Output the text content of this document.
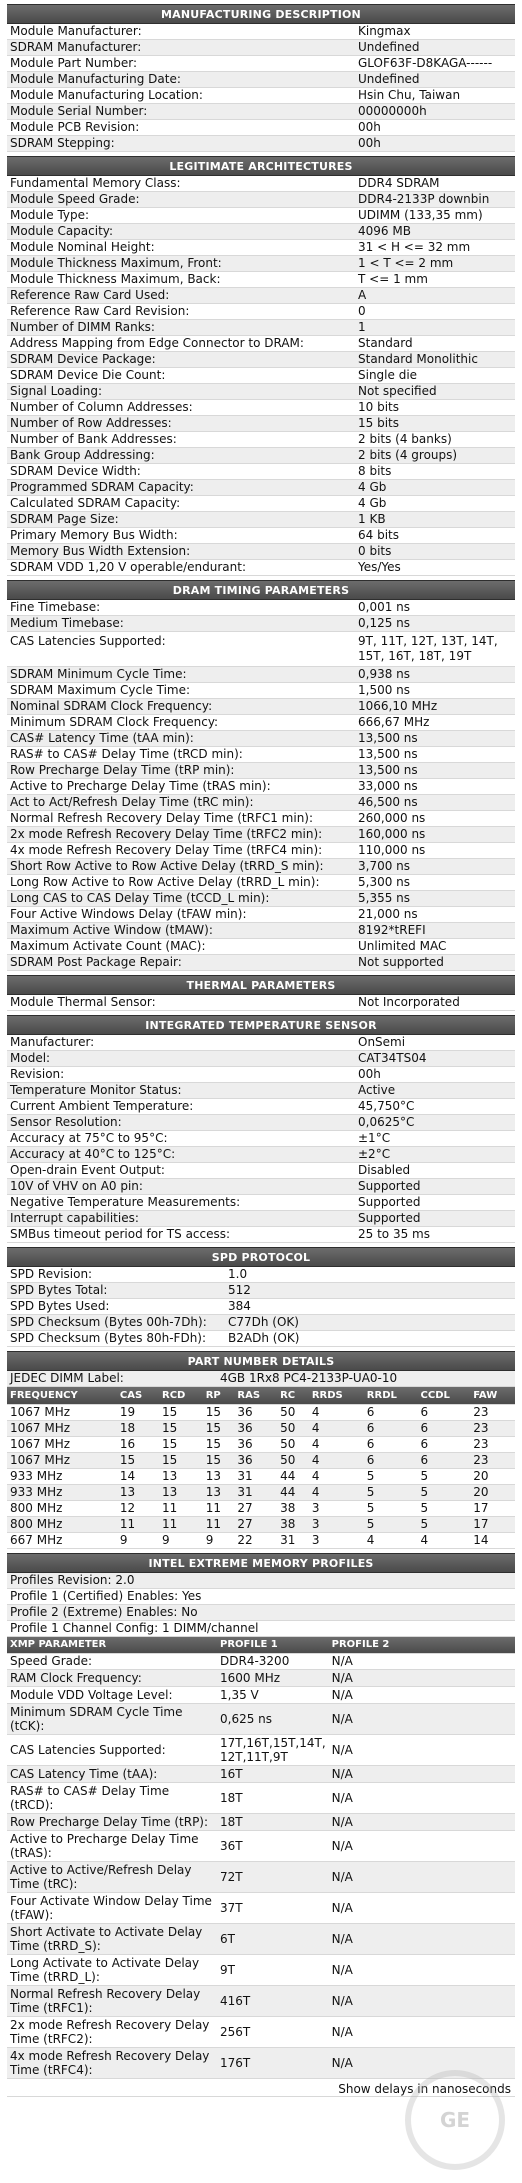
MANUFACTURING DESCRIPTION
Module Manufacturer:	Kingmax
SDRAM Manufacturer:	Undefined
Module Part Number:	GLOF63F-D8KAGA------
Module Manufacturing Date:	Undefined
Module Manufacturing Location:	Hsin Chu, Taiwan
Module Serial Number:	00000000h
Module PCB Revision:	00h
SDRAM Stepping:	00h
LEGITIMATE ARCHITECTURES
Fundamental Memory Class:	DDR4 SDRAM
Module Speed Grade:	DDR4-2133P downbin
Module Type:	UDIMM (133,35 mm)
Module Capacity:	4096 MB
Module Nominal Height:	31 < H <= 32 mm
Module Thickness Maximum, Front:	1 < T <= 2 mm
Module Thickness Maximum, Back:	T <= 1 mm
Reference Raw Card Used:	A
Reference Raw Card Revision:	0
Number of DIMM Ranks:	1
Address Mapping from Edge Connector to DRAM:	Standard
SDRAM Device Package:	Standard Monolithic
SDRAM Device Die Count:	Single die
Signal Loading:	Not specified
Number of Column Addresses:	10 bits
Number of Row Addresses:	15 bits
Number of Bank Addresses:	2 bits (4 banks)
Bank Group Addressing:	2 bits (4 groups)
SDRAM Device Width:	8 bits
Programmed SDRAM Capacity:	4 Gb
Calculated SDRAM Capacity:	4 Gb
SDRAM Page Size:	1 KB
Primary Memory Bus Width:	64 bits
Memory Bus Width Extension:	0 bits
SDRAM VDD 1,20 V operable/endurant:	Yes/Yes
DRAM TIMING PARAMETERS
Fine Timebase:	0,001 ns
Medium Timebase:	0,125 ns
CAS Latencies Supported:	9T, 11T, 12T, 13T, 14T, 15T, 16T, 18T, 19T
SDRAM Minimum Cycle Time:	0,938 ns
SDRAM Maximum Cycle Time:	1,500 ns
Nominal SDRAM Clock Frequency:	1066,10 MHz
Minimum SDRAM Clock Frequency:	666,67 MHz
CAS# Latency Time (tAA min):	13,500 ns
RAS# to CAS# Delay Time (tRCD min):	13,500 ns
Row Precharge Delay Time (tRP min):	13,500 ns
Active to Precharge Delay Time (tRAS min):	33,000 ns
Act to Act/Refresh Delay Time (tRC min):	46,500 ns
Normal Refresh Recovery Delay Time (tRFC1 min):	260,000 ns
2x mode Refresh Recovery Delay Time (tRFC2 min):	160,000 ns
4x mode Refresh Recovery Delay Time (tRFC4 min):	110,000 ns
Short Row Active to Row Active Delay (tRRD_S min):	3,700 ns
Long Row Active to Row Active Delay (tRRD_L min):	5,300 ns
Long CAS to CAS Delay Time (tCCD_L min):	5,355 ns
Four Active Windows Delay (tFAW min):	21,000 ns
Maximum Active Window (tMAW):	8192*tREFI
Maximum Activate Count (MAC):	Unlimited MAC
SDRAM Post Package Repair:	Not supported
THERMAL PARAMETERS
Module Thermal Sensor:	Not Incorporated
INTEGRATED TEMPERATURE SENSOR
Manufacturer:	OnSemi
Model:	CAT34TS04
Revision:	00h
Temperature Monitor Status:	Active
Current Ambient Temperature:	45,750°C
Sensor Resolution:	0,0625°C
Accuracy at 75°C to 95°C:	±1°C
Accuracy at 40°C to 125°C:	±2°C
Open-drain Event Output:	Disabled
10V of VHV on A0 pin:	Supported
Negative Temperature Measurements:	Supported
Interrupt capabilities:	Supported
SMBus timeout period for TS access:	25 to 35 ms
SPD PROTOCOL
SPD Revision:	1.0
SPD Bytes Total:	512
SPD Bytes Used:	384
SPD Checksum (Bytes 00h-7Dh):	C77Dh (OK)
SPD Checksum (Bytes 80h-FDh):	B2ADh (OK)
PART NUMBER DETAILS
JEDEC DIMM Label:	4GB 1Rx8 PC4-2133P-UA0-10
FREQUENCY	CAS	RCD	RP	RAS	RC	RRDS	RRDL	CCDL	FAW
1067 MHz	19	15	15	36	50	4	6	6	23
1067 MHz	18	15	15	36	50	4	6	6	23
1067 MHz	16	15	15	36	50	4	6	6	23
1067 MHz	15	15	15	36	50	4	6	6	23
933 MHz	14	13	13	31	44	4	5	5	20
933 MHz	13	13	13	31	44	4	5	5	20
800 MHz	12	11	11	27	38	3	5	5	17
800 MHz	11	11	11	27	38	3	5	5	17
667 MHz	9	9	9	22	31	3	4	4	14
INTEL EXTREME MEMORY PROFILES
Profiles Revision: 2.0
Profile 1 (Certified) Enables: Yes
Profile 2 (Extreme) Enables: No
Profile 1 Channel Config: 1 DIMM/channel
XMP PARAMETER	PROFILE 1	PROFILE 2
Speed Grade:	DDR4-3200	N/A
RAM Clock Frequency:	1600 MHz	N/A
Module VDD Voltage Level:	1,35 V	N/A
Minimum SDRAM Cycle Time (tCK):	0,625 ns	N/A
CAS Latencies Supported:	17T,16T,15T,14T, 12T,11T,9T	N/A
CAS Latency Time (tAA):	16T	N/A
RAS# to CAS# Delay Time (tRCD):	18T	N/A
Row Precharge Delay Time (tRP):	18T	N/A
Active to Precharge Delay Time (tRAS):	36T	N/A
Active to Active/Refresh Delay Time (tRC):	72T	N/A
Four Activate Window Delay Time (tFAW):	37T	N/A
Short Activate to Activate Delay Time (tRRD_S):	6T	N/A
Long Activate to Activate Delay Time (tRRD_L):	9T	N/A
Normal Refresh Recovery Delay Time (tRFC1):	416T	N/A
2x mode Refresh Recovery Delay Time (tRFC2):	256T	N/A
4x mode Refresh Recovery Delay Time (tRFC4):	176T	N/A
Show delays in nanoseconds
GE
